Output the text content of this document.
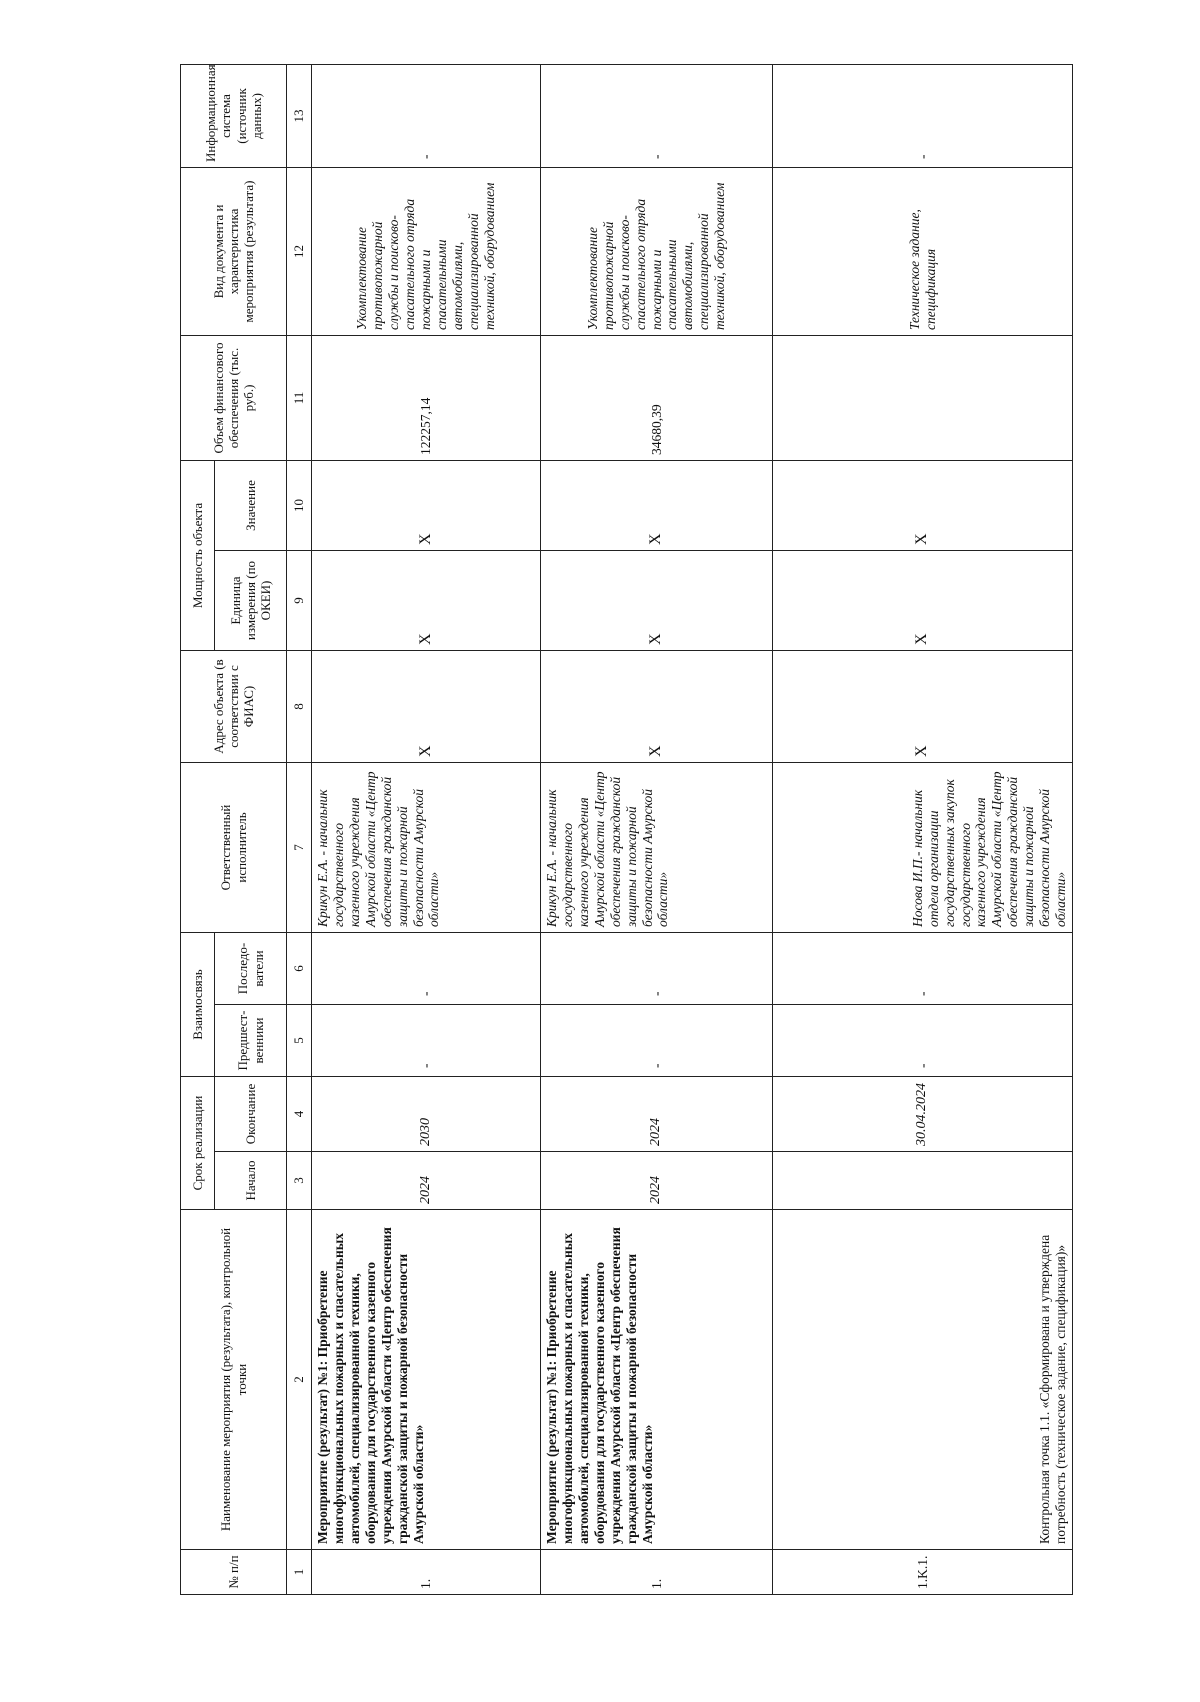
№ п/п	Наименование мероприятия (результата), контрольной точки	Срок реализации		Взаимосвязь		Ответственный исполнитель	Адрес объекта (в соответствии с ФИАС)	Мощность объекта		Объем финансового обеспечения (тыс. руб.)	Вид документа и характеристика мероприятия (результата)	Информационная система (источник данных)
		Начало	Окончание	Предшест-венники	Последо-ватели			Единица измерения (по ОКЕИ)	Значение			
1	2	3	4	5	6	7	8	9	10	11	12	13
1.	Мероприятие (результат) №1: Приобретение многофункциональных пожарных и спасательных автомобилей, специализированной техники, оборудования для государственного казенного учреждения Амурской области «Центр обеспечения гражданской защиты и пожарной безопасности Амурской области»	2024	2030	-	-	Крикун Е.А. - начальник государственного казенного учреждения Амурской области «Центр обеспечения гражданской защиты и пожарной безопасности Амурской области»	X	X	X	122257,14	Укомплектование противопожарной службы и поисково-спасательного отряда пожарными и спасательными автомобилями, специализированной техникой, оборудованием	-
1.	Мероприятие (результат) №1: Приобретение многофункциональных пожарных и спасательных автомобилей, специализированной техники, оборудования для государственного казенного учреждения Амурской области «Центр обеспечения гражданской защиты и пожарной безопасности Амурской области»	2024	2024	-	-	Крикун Е.А. - начальник государственного казенного учреждения Амурской области «Центр обеспечения гражданской защиты и пожарной безопасности Амурской области»	X	X	X	34680,39	Укомплектование противопожарной службы и поисково-спасательного отряда пожарными и спасательными автомобилями, специализированной техникой, оборудованием	-
1.K.1.	Контрольная точка 1.1. «Сформирована и утверждена потребность (техническое задание, спецификация)»		30.04.2024	-	-	Носова И.П.- начальник отдела организации государственных закупок государственного казенного учреждения Амурской области «Центр обеспечения гражданской защиты и пожарной безопасности Амурской области»	X	X	X		Техническое задание, спецификация	-
